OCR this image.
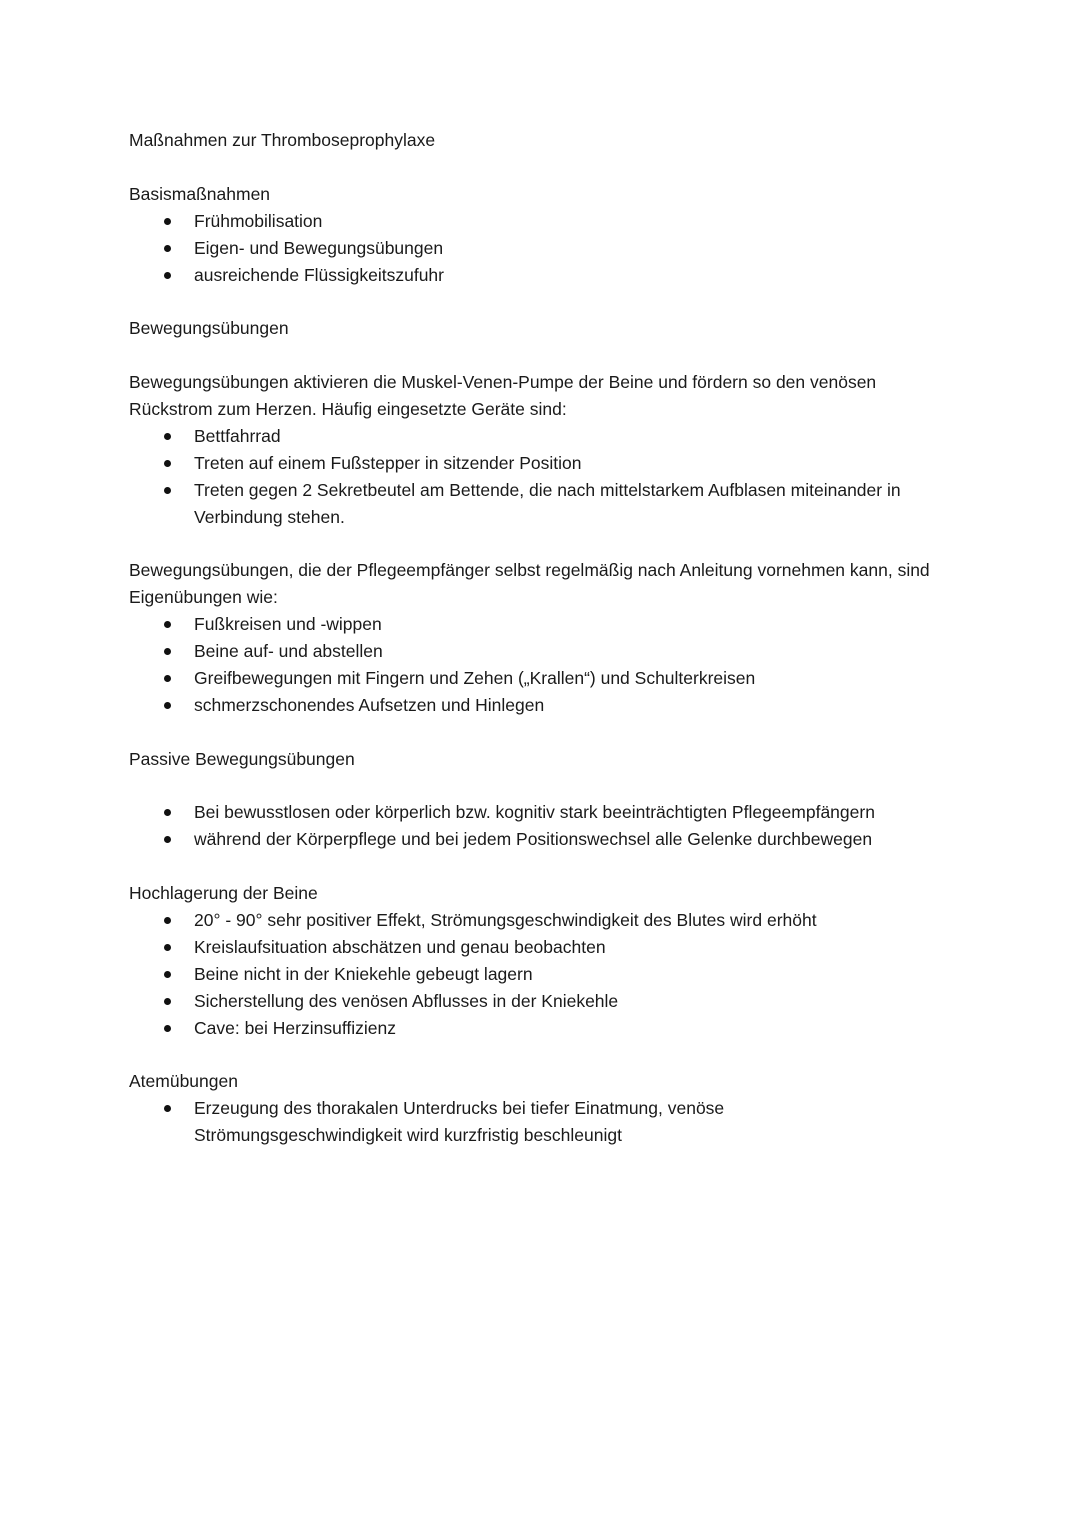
Maßnahmen zur Thromboseprophylaxe

Basismaßnahmen

Frühmobilisation
Eigen- und Bewegungsübungen
ausreichende Flüssigkeitszufuhr

Bewegungsübungen

Bewegungsübungen aktivieren die Muskel-Venen-Pumpe der Beine und fördern so den venösen Rückstrom zum Herzen. Häufig eingesetzte Geräte sind:

Bettfahrrad
Treten auf einem Fußstepper in sitzender Position
Treten gegen 2 Sekretbeutel am Bettende, die nach mittelstarkem Aufblasen miteinander in Verbindung stehen.

Bewegungsübungen, die der Pflegeempfänger selbst regelmäßig nach Anleitung vornehmen kann, sind Eigenübungen wie:

Fußkreisen und -wippen
Beine auf- und abstellen
Greifbewegungen mit Fingern und Zehen („Krallen“) und Schulterkreisen
schmerzschonendes Aufsetzen und Hinlegen

Passive Bewegungsübungen

Bei bewusstlosen oder körperlich bzw. kognitiv stark beeinträchtigten Pflegeempfängern
während der Körperpflege und bei jedem Positionswechsel alle Gelenke durchbewegen

Hochlagerung der Beine

20° - 90° sehr positiver Effekt, Strömungsgeschwindigkeit des Blutes wird erhöht
Kreislaufsituation abschätzen und genau beobachten
Beine nicht in der Kniekehle gebeugt lagern
Sicherstellung des venösen Abflusses in der Kniekehle
Cave: bei Herzinsuffizienz

Atemübungen

Erzeugung des thorakalen Unterdrucks bei tiefer Einatmung, venöse Strömungsgeschwindigkeit wird kurzfristig beschleunigt
